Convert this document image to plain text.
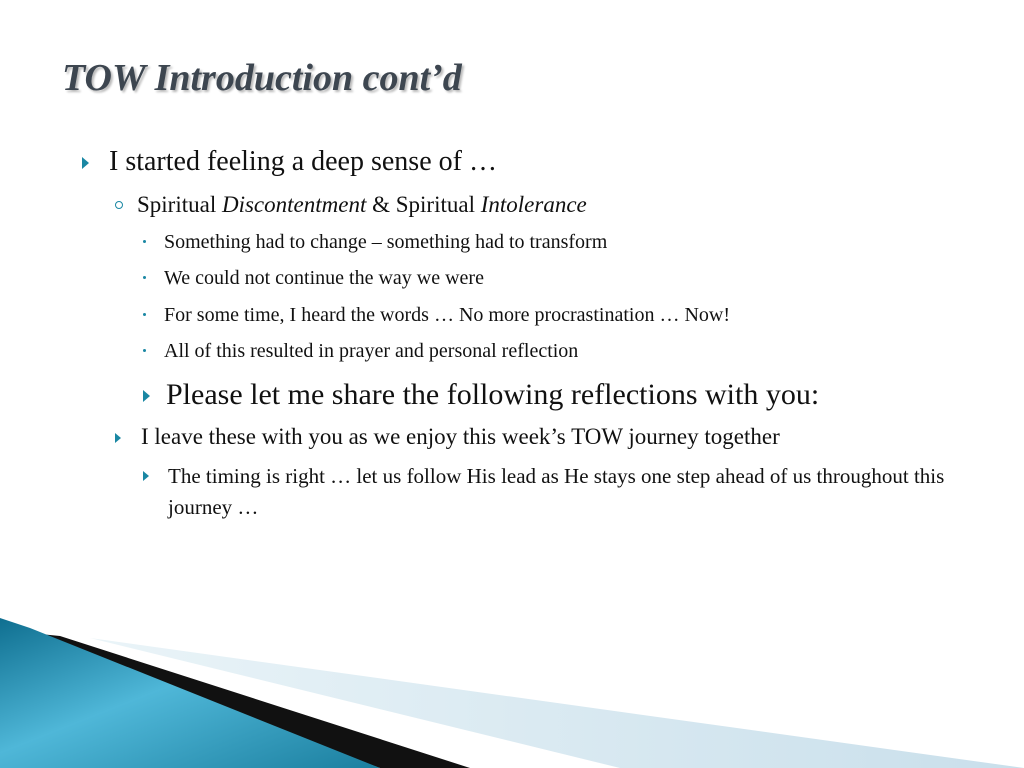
TOW Introduction cont’d
I started feeling a deep sense of …
Spiritual Discontentment & Spiritual Intolerance
Something had to change – something had to transform
We could not continue the way we were
For some time, I heard the words … No more procrastination … Now!
All of this resulted in prayer and personal reflection
Please let me share the following reflections with you:
I leave these with you as we enjoy this week’s TOW journey together
The timing is right … let us follow His lead as He stays one step ahead of us throughout this journey …
